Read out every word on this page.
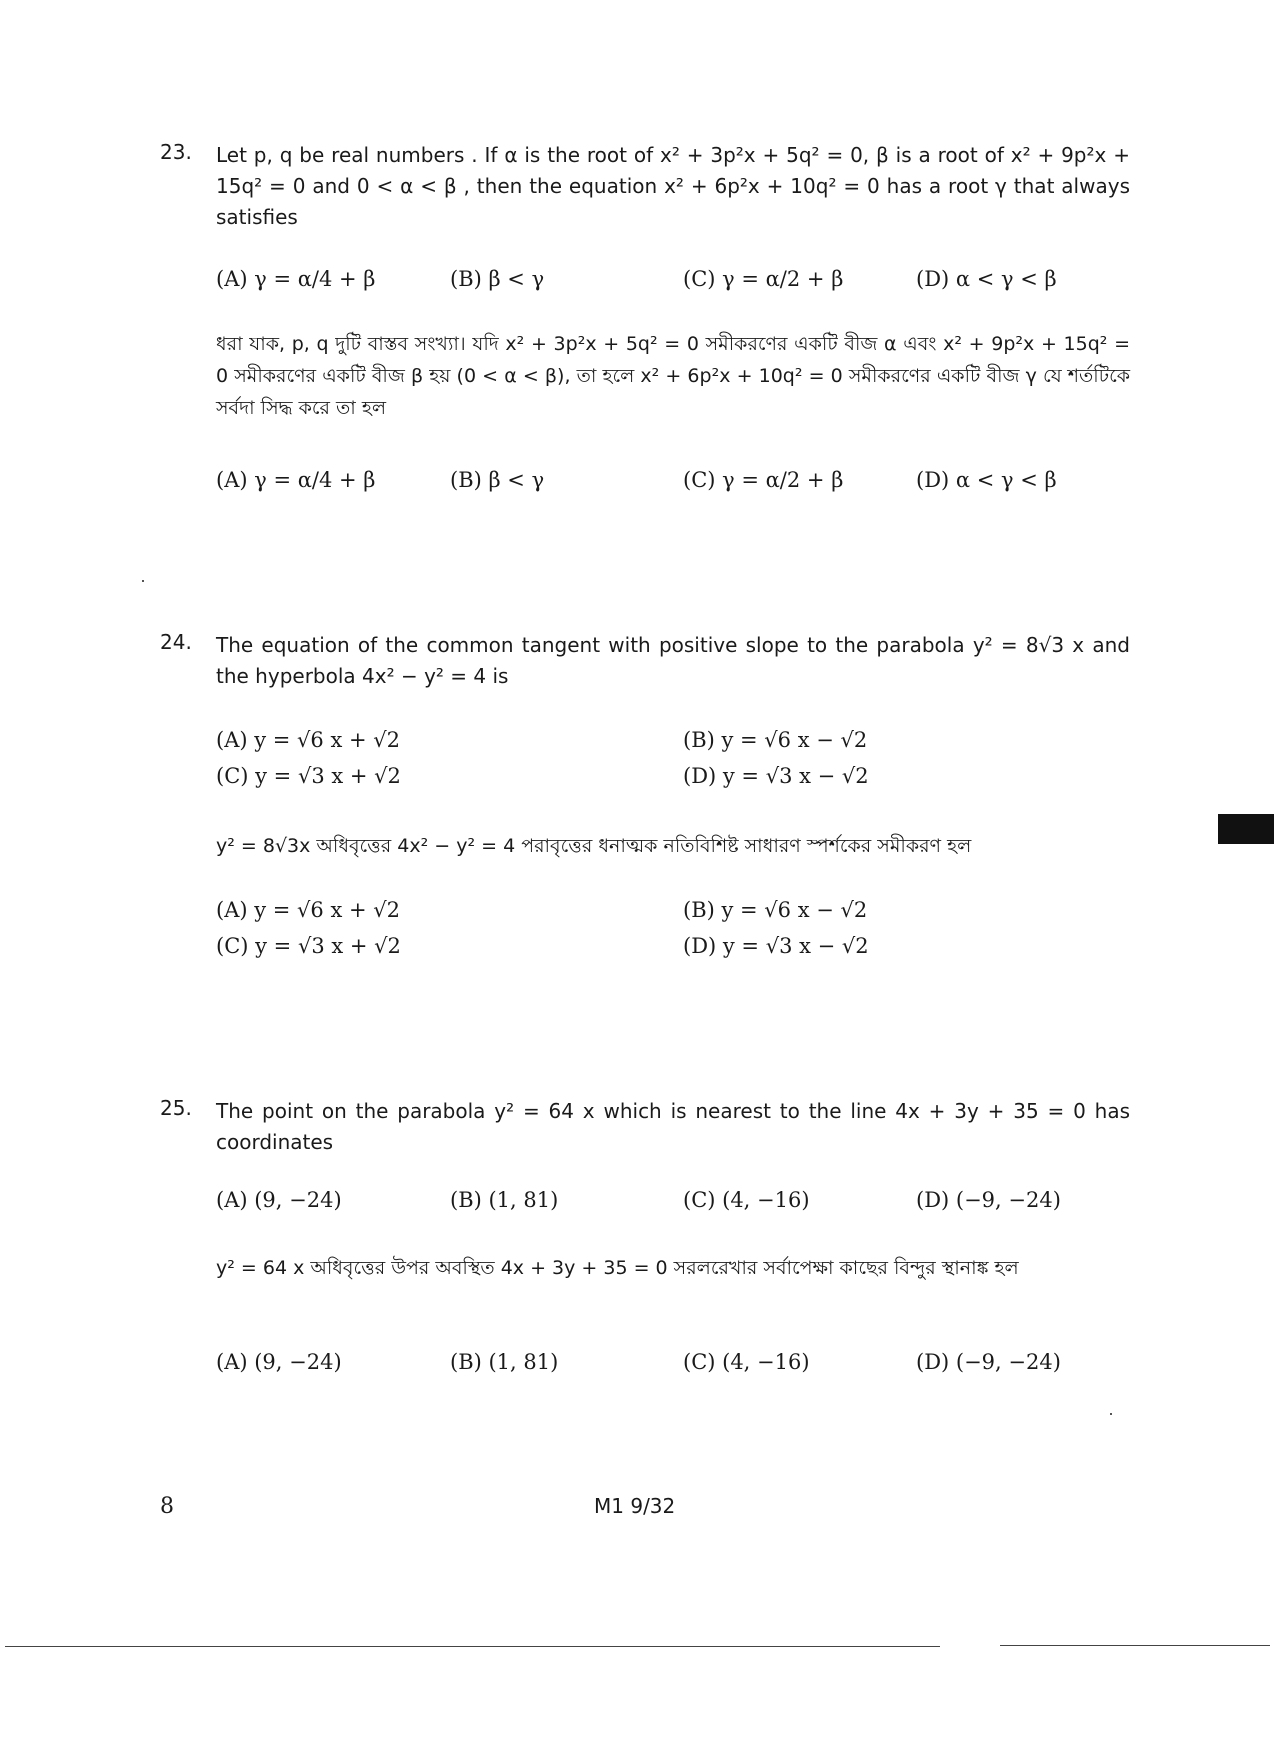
23. Let p, q be real numbers . If α is the root of x² + 3p²x + 5q² = 0, β is a root of x² + 9p²x + 15q² = 0 and 0 < α < β , then the equation x² + 6p²x + 10q² = 0 has a root γ that always satisfies
(A) γ = α/4 + β	(B) β < γ	(C) γ = α/2 + β	(D) α < γ < β
ধরা যাক, p, q দুটি বাস্তব সংখ্যা। যদি x² + 3p²x + 5q² = 0 সমীকরণের একটি বীজ α এবং x² + 9p²x + 15q² = 0 সমীকরণের একটি বীজ β হয় (0 < α < β), তা হলে x² + 6p²x + 10q² = 0 সমীকরণের একটি বীজ γ যে শর্তটিকে সর্বদা সিদ্ধ করে তা হল
(A) γ = α/4 + β	(B) β < γ	(C) γ = α/2 + β	(D) α < γ < β
24. The equation of the common tangent with positive slope to the parabola y² = 8√3 x and the hyperbola 4x² − y² = 4 is
(A) y = √6 x + √2	(B) y = √6 x − √2
(C) y = √3 x + √2	(D) y = √3 x − √2
y² = 8√3x অধিবৃত্তের 4x² − y² = 4 পরাবৃত্তের ধনাত্মক নতিবিশিষ্ট সাধারণ স্পর্শকের সমীকরণ হল
(A) y = √6 x + √2	(B) y = √6 x − √2
(C) y = √3 x + √2	(D) y = √3 x − √2
25. The point on the parabola y² = 64 x which is nearest to the line 4x + 3y + 35 = 0 has coordinates
(A) (9, −24)	(B) (1, 81)	(C) (4, −16)	(D) (−9, −24)
y² = 64 x অধিবৃত্তের উপর অবস্থিত 4x + 3y + 35 = 0 সরলরেখার সর্বাপেক্ষা কাছের বিন্দুর স্থানাঙ্ক হল
(A) (9, −24)	(B) (1, 81)	(C) (4, −16)	(D) (−9, −24)
8	M1 9/32
